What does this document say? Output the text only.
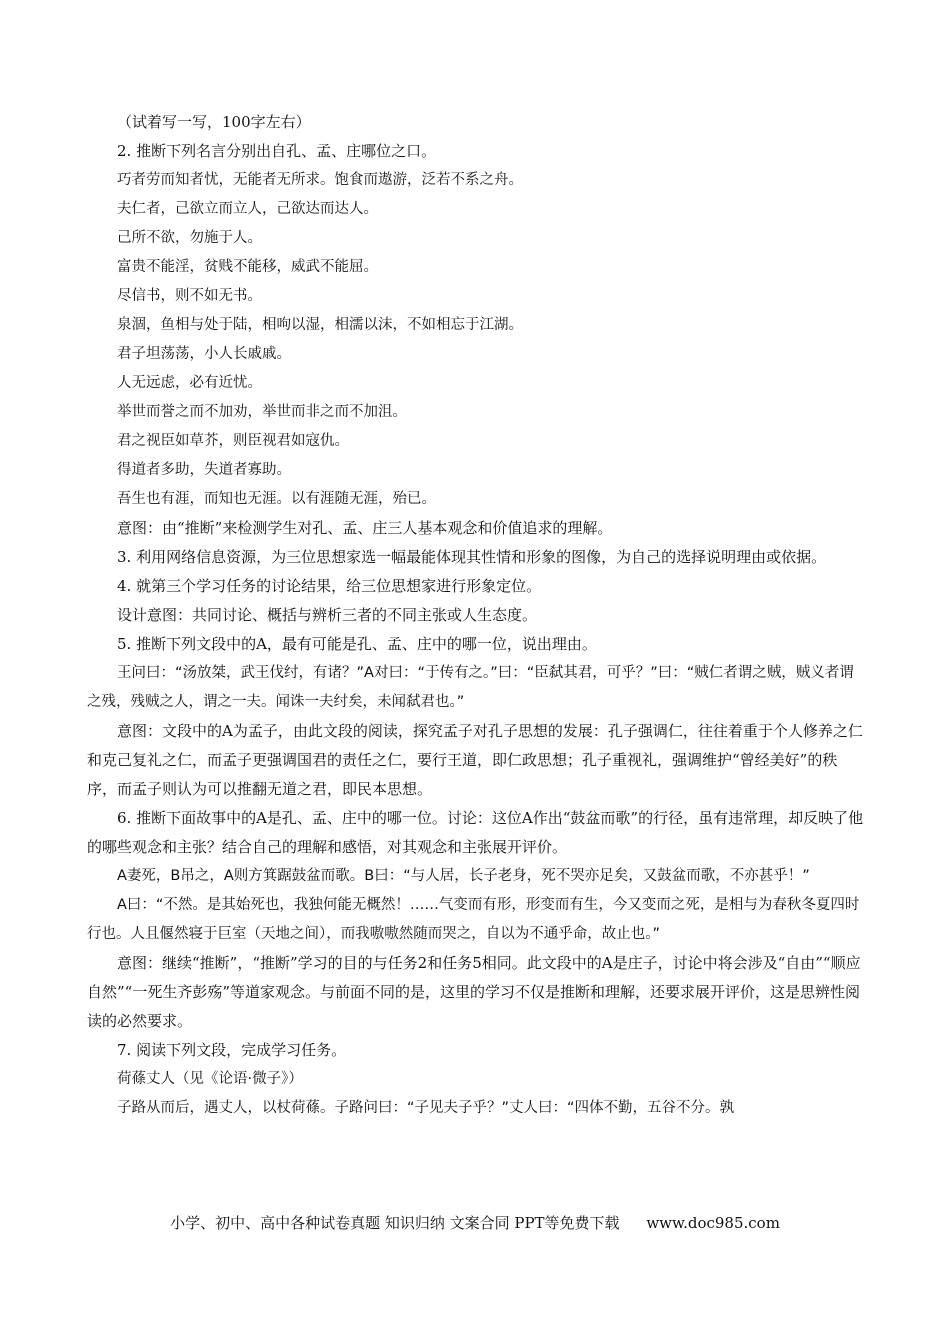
（试着写一写，100字左右）

2. 推断下列名言分别出自孔、孟、庄哪位之口。

巧者劳而知者忧，无能者无所求。饱食而遨游，泛若不系之舟。

夫仁者，己欲立而立人，己欲达而达人。

己所不欲，勿施于人。

富贵不能淫，贫贱不能移，威武不能屈。

尽信书，则不如无书。

泉涸，鱼相与处于陆，相呴以湿，相濡以沫，不如相忘于江湖。

君子坦荡荡，小人长戚戚。

人无远虑，必有近忧。

举世而誉之而不加劝，举世而非之而不加沮。

君之视臣如草芥，则臣视君如寇仇。

得道者多助，失道者寡助。

吾生也有涯，而知也无涯。以有涯随无涯，殆已。

意图：由“推断”来检测学生对孔、孟、庄三人基本观念和价值追求的理解。

3. 利用网络信息资源，为三位思想家选一幅最能体现其性情和形象的图像，为自己的选择说明理由或依据。

4. 就第三个学习任务的讨论结果，给三位思想家进行形象定位。

设计意图：共同讨论、概括与辨析三者的不同主张或人生态度。

5. 推断下列文段中的A，最有可能是孔、孟、庄中的哪一位，说出理由。

王问曰：“汤放桀，武王伐纣，有诸？”A对曰：“于传有之。”曰：“臣弑其君，可乎？”曰：“贼仁者谓之贼，贼义者谓之残，残贼之人，谓之一夫。闻诛一夫纣矣，未闻弑君也。”

意图：文段中的A为孟子，由此文段的阅读，探究孟子对孔子思想的发展：孔子强调仁，往往着重于个人修养之仁和克己复礼之仁，而孟子更强调国君的责任之仁，要行王道，即仁政思想；孔子重视礼，强调维护“曾经美好”的秩序，而孟子则认为可以推翻无道之君，即民本思想。

6. 推断下面故事中的A是孔、孟、庄中的哪一位。讨论：这位A作出“鼓盆而歌”的行径，虽有违常理，却反映了他的哪些观念和主张？结合自己的理解和感悟，对其观念和主张展开评价。

A妻死，B吊之，A则方箕踞鼓盆而歌。B曰：“与人居，长子老身，死不哭亦足矣，又鼓盆而歌，不亦甚乎！”

A曰：“不然。是其始死也，我独何能无概然！……气变而有形，形变而有生，今又变而之死，是相与为春秋冬夏四时行也。人且偃然寝于巨室（天地之间），而我嗷嗷然随而哭之，自以为不通乎命，故止也。”

意图：继续“推断”，“推断”学习的目的与任务2和任务5相同。此文段中的A是庄子，讨论中将会涉及“自由”“顺应自然”“一死生齐彭殇”等道家观念。与前面不同的是，这里的学习不仅是推断和理解，还要求展开评价，这是思辨性阅读的必然要求。

7. 阅读下列文段，完成学习任务。

荷蓧丈人（见《论语·微子》）

子路从而后，遇丈人，以杖荷蓧。子路问曰：“子见夫子乎？”丈人曰：“四体不勤，五谷不分。孰

小学、初中、高中各种试卷真题 知识归纳 文案合同 PPT等免费下载 www.doc985.com
